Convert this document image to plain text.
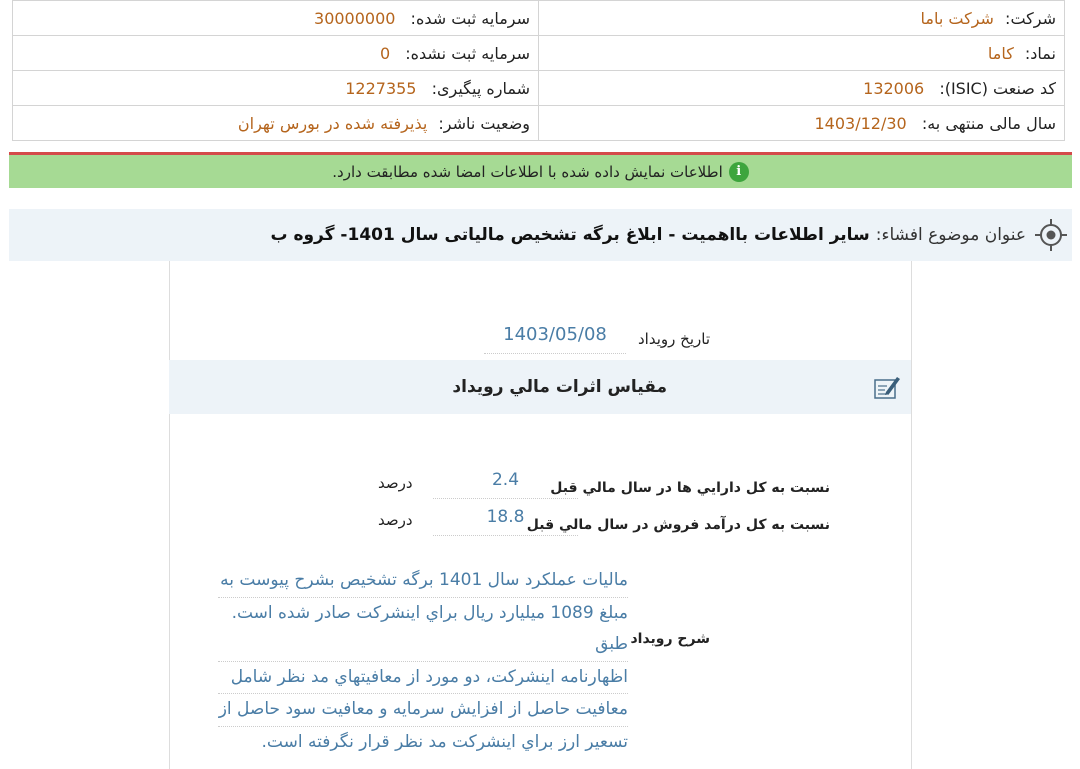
شرکت: شرکت باما	سرمایه ثبت شده: 30000000
نماد: کاما	سرمایه ثبت نشده: 0
کد صنعت (ISIC): 132006	شماره پیگیری: 1227355
سال مالی منتهی به: 1403/12/30	وضعیت ناشر: پذیرفته شده در بورس تهران
i
اطلاعات نمایش داده شده با اطلاعات امضا شده مطابقت دارد.
عنوان موضوع افشاء:
سایر اطلاعات بااهمیت - ابلاغ برگه تشخیص مالیاتی سال 1401- گروه ب
تاریخ رویداد
1403/05/08
مقياس اثرات مالي رويداد
نسبت به کل دارايي ها در سال مالي قبل
2.4
درصد
نسبت به کل درآمد فروش در سال مالي قبل
18.8
درصد
شرح رويداد
ماليات عملکرد سال 1401 برگه تشخيص بشرح پيوست به
مبلغ 1089 ميليارد ريال براي اينشرکت صادر شده است. طبق
اظهارنامه اينشرکت، دو مورد از معافيتهاي مد نظر شامل
معافيت حاصل از افزايش سرمايه و معافيت سود حاصل از
تسعير ارز براي اينشرکت مد نظر قرار نگرفته است.
